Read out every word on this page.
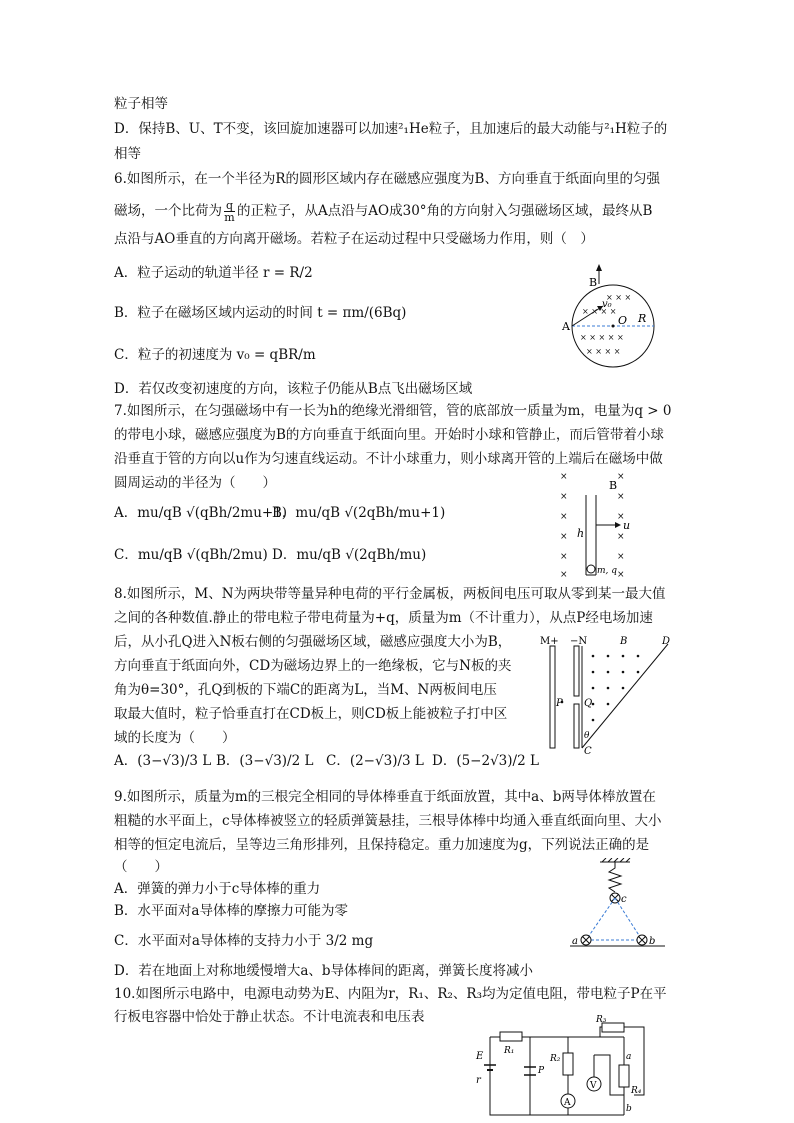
粒子相等
D．保持B、U、T不变，该回旋加速器可以加速²₁He粒子，且加速后的最大动能与²₁H粒子的
相等
6.如图所示，在一个半径为R的圆形区域内存在磁感应强度为B、方向垂直于纸面向里的匀强
磁场，一个比荷为 $\frac{q}{m}$ 的正粒子，从A点沿与AO成30°角的方向射入匀强磁场区域，最终从B
点沿与AO垂直的方向离开磁场。若粒子在运动过程中只受磁场力作用，则（　）
A．粒子运动的轨道半径 r = R/2
B．粒子在磁场区域内运动的时间 t = πm/(6Bq)
C．粒子的初速度为 v₀ = qBR/m
D．若仅改变初速度的方向，该粒子仍能从B点飞出磁场区域
7.如图所示，在匀强磁场中有一长为h的绝缘光滑细管，管的底部放一质量为m，电量为q > 0
的带电小球，磁感应强度为B的方向垂直于纸面向里。开始时小球和管静止，而后管带着小球
沿垂直于管的方向以u作为匀速直线运动。不计小球重力，则小球离开管的上端后在磁场中做
圆周运动的半径为（　　）
A．mu/qB √(qBh/2mu+1)
B．mu/qB √(2qBh/mu+1)
C．mu/qB √(qBh/2mu) D．mu/qB √(2qBh/mu)
8.如图所示，M、N为两块带等量异种电荷的平行金属板，两板间电压可取从零到某一最大值
之间的各种数值.静止的带电粒子带电荷量为+q，质量为m（不计重力），从点P经电场加速
后，从小孔Q进入N板右侧的匀强磁场区域，磁感应强度大小为B，
方向垂直于纸面向外，CD为磁场边界上的一绝缘板，它与N板的夹
角为θ=30°，孔Q到板的下端C的距离为L，当M、N两板间电压
取最大值时，粒子恰垂直打在CD板上，则CD板上能被粒子打中区
域的长度为（　　）
A．(3−√3)/3 L B．(3−√3)/2 L C．(2−√3)/3 L D．(5−2√3)/2 L
9.如图所示，质量为m的三根完全相同的导体棒垂直于纸面放置，其中a、b两导体棒放置在
粗糙的水平面上，c导体棒被竖立的轻质弹簧悬挂，三根导体棒中均通入垂直纸面向里、大小
相等的恒定电流后，呈等边三角形排列，且保持稳定。重力加速度为g，下列说法正确的是
（　　）
A．弹簧的弹力小于c导体棒的重力
B．水平面对a导体棒的摩擦力可能为零
C．水平面对a导体棒的支持力小于 3/2 mg
D．若在地面上对称地缓慢增大a、b导体棒间的距离，弹簧长度将减小
10.如图所示电路中，电源电动势为E、内阻为r，R₁、R₂、R₃均为定值电阻，带电粒子P在平
行板电容器中恰处于静止状态。不计电流表和电压表
× × ×
× × × ×
× × × × ×
× × × ×
B
A	O R
v₀
×	×
×	×
×	×
×	×
×	×
×	×
B
h
u
m, q
M+ −N	B	D
P Q
C
θ
c
a	b
V
A
E
r
R₁
R₂
R₃
R₄
P
a
b
